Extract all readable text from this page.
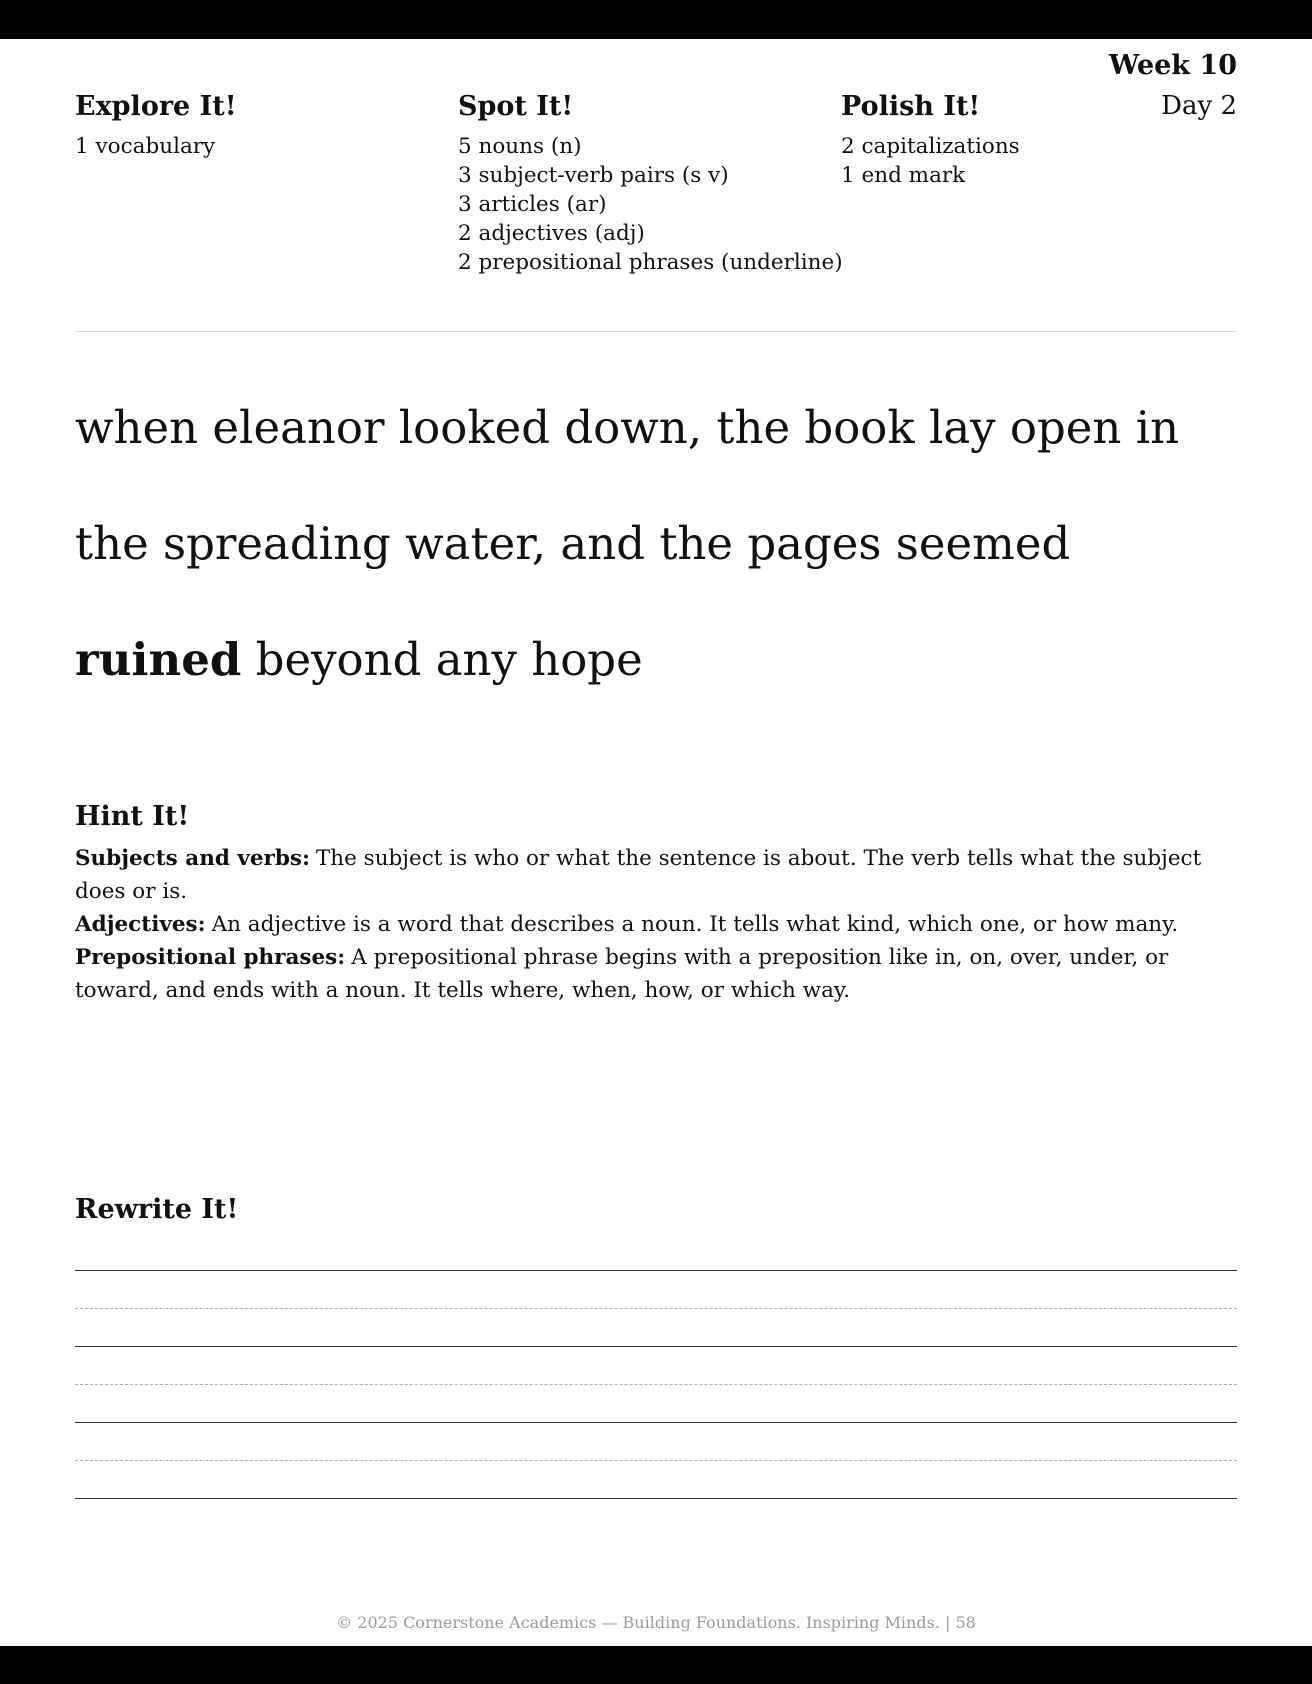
Week 10
Day 2
Explore It!
1 vocabulary
Spot It!
5 nouns (n)
3 subject-verb pairs (s v)
3 articles (ar)
2 adjectives (adj)
2 prepositional phrases (underline)
Polish It!
2 capitalizations
1 end mark

when eleanor looked down, the book lay open in the spreading water, and the pages seemed ruined beyond any hope

Hint It!

Subjects and verbs: The subject is who or what the sentence is about. The verb tells what the subject does or is.

Adjectives: An adjective is a word that describes a noun. It tells what kind, which one, or how many.

Prepositional phrases: A prepositional phrase begins with a preposition like in, on, over, under, or toward, and ends with a noun. It tells where, when, how, or which way.

Rewrite It!
© 2025 Cornerstone Academics — Building Foundations. Inspiring Minds. | 58
